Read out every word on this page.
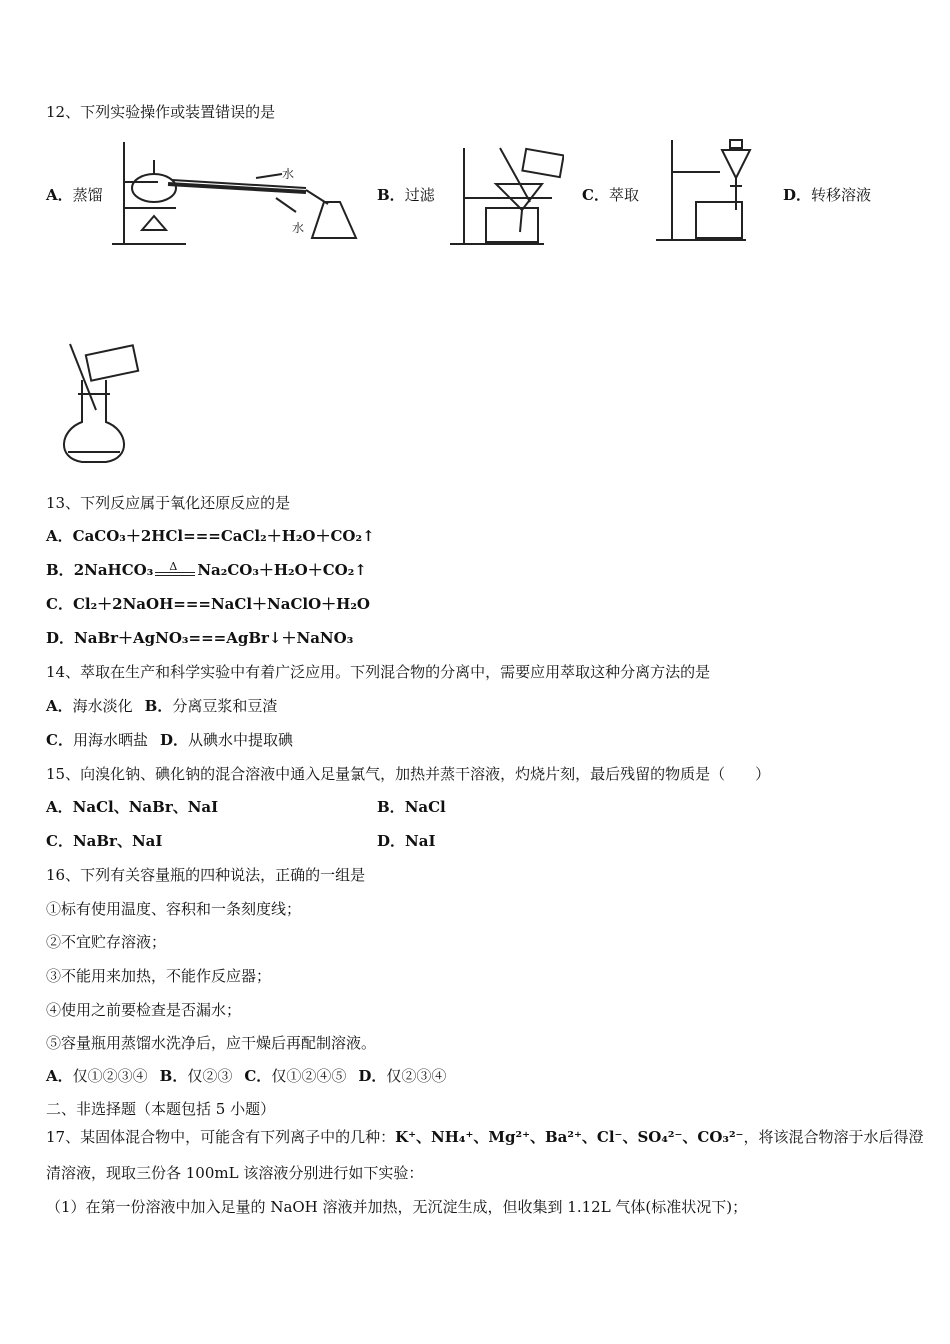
12、下列实验操作或装置错误的是
A．蒸馏
水
水
B．过滤	C．萃取	D．转移溶液
13、下列反应属于氧化还原反应的是
A．CaCO₃＋2HCl===CaCl₂＋H₂O＋CO₂↑
B．2NaHCO₃ Δ Na₂CO₃＋H₂O＋CO₂↑
C．Cl₂＋2NaOH===NaCl＋NaClO＋H₂O
D．NaBr＋AgNO₃===AgBr↓＋NaNO₃
14、萃取在生产和科学实验中有着广泛应用。下列混合物的分离中，需要应用萃取这种分离方法的是
A．海水淡化 B．分离豆浆和豆渣
C．用海水晒盐 D．从碘水中提取碘
15、向溴化钠、碘化钠的混合溶液中通入足量氯气，加热并蒸干溶液，灼烧片刻，最后残留的物质是（　　）
A．NaCl、NaBr、NaI	B．NaCl
C．NaBr、NaI	D．NaI
16、下列有关容量瓶的四种说法，正确的一组是
①标有使用温度、容积和一条刻度线；
②不宜贮存溶液；
③不能用来加热，不能作反应器；
④使用之前要检查是否漏水；
⑤容量瓶用蒸馏水洗净后，应干燥后再配制溶液。
A．仅①②③④ B．仅②③ C．仅①②④⑤ D．仅②③④
二、非选择题（本题包括 5 小题）
17、某固体混合物中，可能含有下列离子中的几种：K⁺、NH₄⁺、Mg²⁺、Ba²⁺、Cl⁻、SO₄²⁻、CO₃²⁻，将该混合物溶于水后得澄
清溶液，现取三份各 100mL 该溶液分别进行如下实验：
（1）在第一份溶液中加入足量的 NaOH 溶液并加热，无沉淀生成，但收集到 1.12L 气体(标准状况下)；
